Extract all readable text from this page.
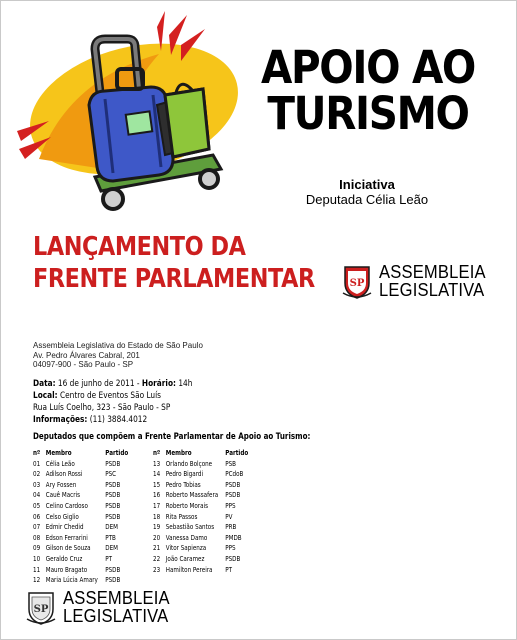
APOIO AO
TURISMO
Iniciativa
Deputada Célia Leão
LANÇAMENTO DA
FRENTE PARLAMENTAR	SP
ASSEMBLEIA
LEGISLATIVA
Assembleia Legislativa do Estado de São Paulo
Av. Pedro Álvares Cabral, 201
04097-900 - São Paulo - SP
Data: 16 de junho de 2011 - Horário: 14h
Local: Centro de Eventos São Luís
Rua Luís Coelho, 323 - São Paulo - SP
Informações: (11) 3884.4012
Deputados que compõem a Frente Parlamentar de Apoio ao Turismo:
nº Membro	Partido
01 Célia Leão	PSDB
02 Adilson Rossi	PSC
03 Ary Fossen	PSDB
04 Cauê Macris	PSDB
05 Celino Cardoso	PSDB
06 Celso Giglio	PSDB
07 Edmir Chedid	DEM
08 Edson Ferrarini	PTB
09 Gilson de Souza	DEM
10 Geraldo Cruz	PT
11 Mauro Bragato	PSDB
12 Maria Lúcia Amary	PSDB
nº Membro	Partido
13 Orlando Bolçone	PSB
14 Pedro Bigardi	PCdoB
15 Pedro Tobias	PSDB
16 Roberto Massafera	PSDB
17 Roberto Morais	PPS
18 Rita Passos	PV
19 Sebastião Santos	PRB
20 Vanessa Damo	PMDB
21 Vitor Sapienza	PPS
22 João Caramez	PSDB
23 Hamilton Pereira	PT
SP
ASSEMBLEIA
LEGISLATIVA
